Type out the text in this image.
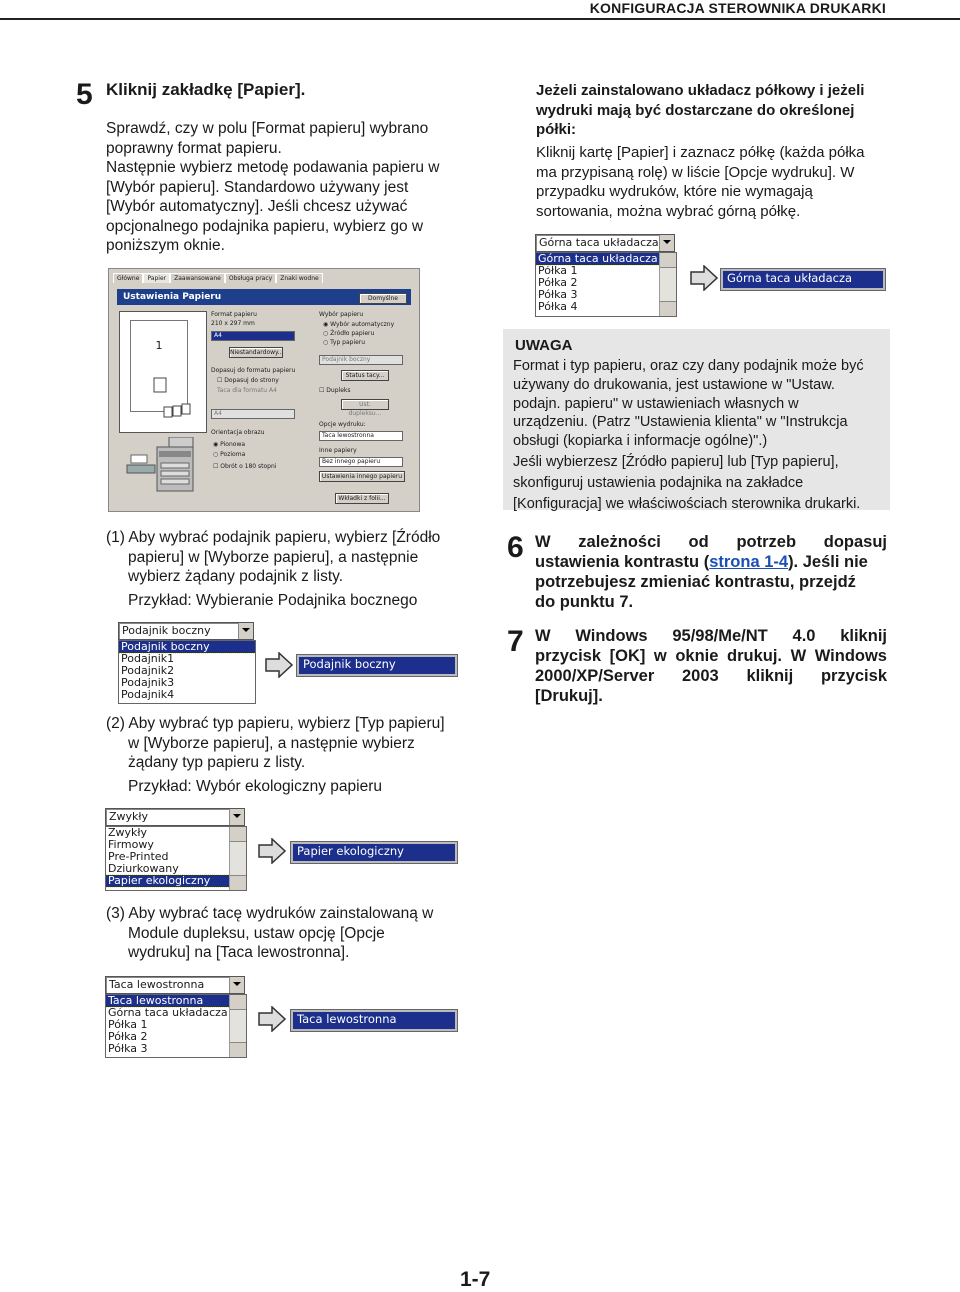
KONFIGURACJA STEROWNIKA DRUKARKI
5 Kliknij zakładkę [Papier].
Sprawdź, czy w polu [Format papieru] wybrano
poprawny format papieru.
Następnie wybierz metodę podawania papieru w
[Wybór papieru]. Standardowo używany jest
[Wybór automatyczny]. Jeśli chcesz używać
opcjonalnego podajnika papieru, wybierz go w
poniższym oknie.
Główne Papier Zaawansowane Obsługa pracy Znaki wodne
Ustawienia Papieru	Domyślne
1
Format papieru
210 x 297 mm
A4
Niestandardowy...
Dopasuj do formatu papieru
☐ Dopasuj do strony
Taca dla formatu A4
A4
Orientacja obrazu
◉ Pionowa
○ Pozioma
☐ Obrót o 180 stopni
Wybór papieru
◉ Wybór automatyczny
○ Źródło papieru
○ Typ papieru
Podajnik boczny
Status tacy...
☐ Dupleks
Ust. dupleksu...
Opcje wydruku:
Taca lewostronna
Inne papiery
Bez innego papieru
Ustawienia innego papieru
Wkładki z folii...
(1) Aby wybrać podajnik papieru, wybierz [Źródło
papieru] w [Wyborze papieru], a następnie
wybierz żądany podajnik z listy.
Przykład: Wybieranie Podajnika bocznego
Podajnik boczny
Podajnik boczny
Podajnik1
Podajnik2
Podajnik3
Podajnik4
Podajnik boczny
(2) Aby wybrać typ papieru, wybierz [Typ papieru]
w [Wyborze papieru], a następnie wybierz
żądany typ papieru z listy.
Przykład: Wybór ekologiczny papieru
Zwykły
Zwykły
Firmowy
Pre-Printed
Dziurkowany
Papier ekologiczny
Papier ekologiczny
(3) Aby wybrać tacę wydruków zainstalowaną w
Module dupleksu, ustaw opcję [Opcje
wydruku] na [Taca lewostronna].
Taca lewostronna
Taca lewostronna
Górna taca układacza
Półka 1
Półka 2
Półka 3
Taca lewostronna
Jeżeli zainstalowano układacz półkowy i jeżeli
wydruki mają być dostarczane do określonej
półki:
Kliknij kartę [Papier] i zaznacz półkę (każda półka
ma przypisaną rolę) w liście [Opcje wydruku]. W
przypadku wydruków, które nie wymagają
sortowania, można wybrać górną półkę.
Górna taca układacza
Górna taca układacza
Półka 1
Półka 2
Półka 3
Półka 4
Górna taca układacza
UWAGA
Format i typ papieru, oraz czy dany podajnik może być
używany do drukowania, jest ustawione w "Ustaw.
podajn. papieru" w ustawieniach własnych w
urządzeniu. (Patrz "Ustawienia klienta" w "Instrukcja
obsługi (kopiarka i informacje ogólne)".)
Jeśli wybierzesz [Źródło papieru] lub [Typ papieru],
skonfiguruj ustawienia podajnika na zakładce
[Konfiguracja] we właściwościach sterownika drukarki.
6 W zależności od potrzeb dopasuj
ustawienia kontrastu (strona 1-4). Jeśli nie
potrzebujesz zmieniać kontrastu, przejdź
do punktu 7.
7 W Windows 95/98/Me/NT 4.0 kliknij
przycisk [OK] w oknie drukuj. W Windows
2000/XP/Server 2003 kliknij przycisk
[Drukuj].
1-7
